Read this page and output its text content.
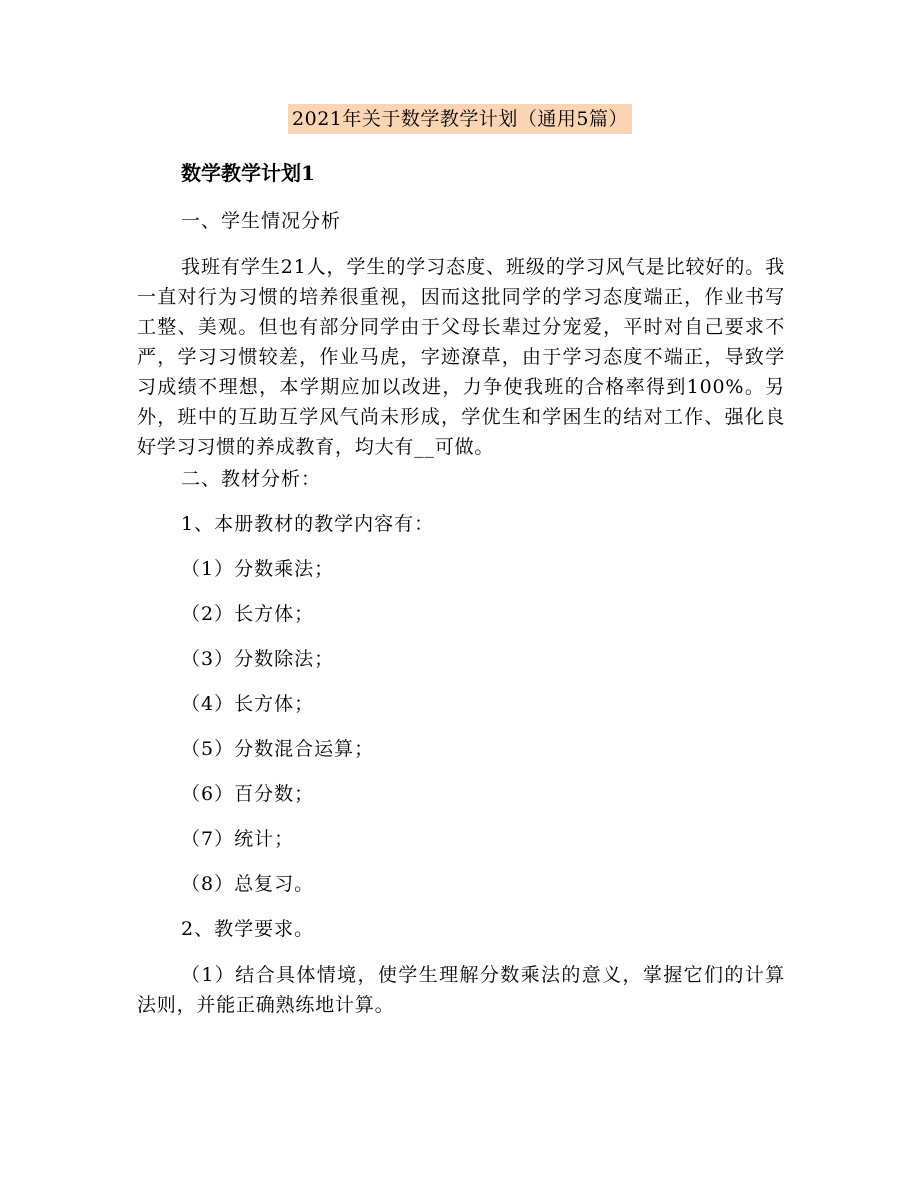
2021年关于数学教学计划（通用5篇）
数学教学计划1
一、学生情况分析
我班有学生21人，学生的学习态度、班级的学习风气是比较好的。我一直对行为习惯的培养很重视，因而这批同学的学习态度端正，作业书写工整、美观。但也有部分同学由于父母长辈过分宠爱，平时对自己要求不严，学习习惯较差，作业马虎，字迹潦草，由于学习态度不端正，导致学习成绩不理想，本学期应加以改进，力争使我班的合格率得到100%。另外，班中的互助互学风气尚未形成，学优生和学困生的结对工作、强化良好学习习惯的养成教育，均大有__可做。
二、教材分析：
1、本册教材的教学内容有：
（1）分数乘法；
（2）长方体；
（3）分数除法；
（4）长方体；
（5）分数混合运算；
（6）百分数；
（7）统计；
（8）总复习。
2、教学要求。
（1）结合具体情境，使学生理解分数乘法的意义，掌握它们的计算法则，并能正确熟练地计算。
